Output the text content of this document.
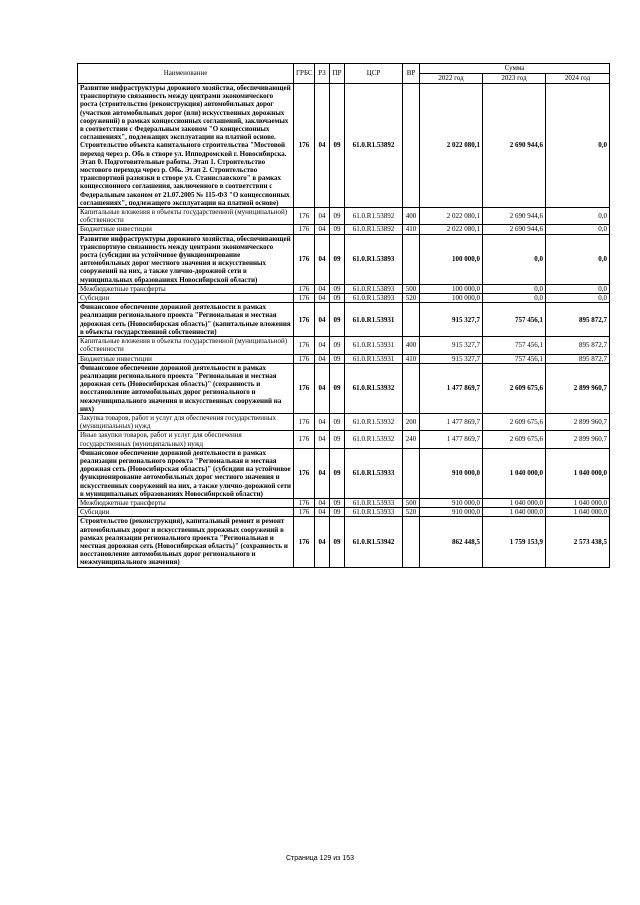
Наименование	ГРБС	РЗ	ПР	ЦСР	ВР	Сумма		
						2022 год	2023 год	2024 год
Развитие инфраструктуры дорожного хозяйства, обеспечивающей транспортную связанность между центрами экономического роста (строительство (реконструкция) автомобильных дорог (участков автомобильных дорог (или) искусственных дорожных сооружений) в рамках концессионных соглашений, заключаемых в соответствии с Федеральным законом "О концессионных соглашениях", подлежащих эксплуатации на платной основе. Строительство объекта капитального строительства "Мостовой переход через р. Обь в створе ул. Ипподромской г. Новосибирска. Этап 0. Подготовительные работы. Этап 1. Строительство мостового перехода через р. Обь. Этап 2. Строительство транспортной развязки в створе ул. Станиславского" в рамках концессионного соглашения, заключенного в соответствии с Федеральным законом от 21.07.2005 № 115-ФЗ "О концессионных соглашениях", подлежащего эксплуатации на платной основе)	176	04	09	61.0.R1.53892		2 022 080,1	2 690 944,6	0,0
Капитальные вложения в объекты государственной (муниципальной) собственности	176	04	09	61.0.R1.53892	400	2 022 080,1	2 690 944,6	0,0
Бюджетные инвестиции	176	04	09	61.0.R1.53892	410	2 022 080,1	2 690 944,6	0,0
Развитие инфраструктуры дорожного хозяйства, обеспечивающей транспортную связанность между центрами экономического роста (субсидии на устойчивое функционирование автомобильных дорог местного значения и искусственных сооружений на них, а также улично-дорожной сети в муниципальных образованиях Новосибирской области)	176	04	09	61.0.R1.53893		100 000,0	0,0	0,0
Межбюджетные трансферты	176	04	09	61.0.R1.53893	500	100 000,0	0,0	0,0
Субсидии	176	04	09	61.0.R1.53893	520	100 000,0	0,0	0,0
Финансовое обеспечение дорожной деятельности в рамках реализации регионального проекта "Региональная и местная дорожная сеть (Новосибирская область)" (капитальные вложения в объекты государственной собственности)	176	04	09	61.0.R1.53931		915 327,7	757 456,1	895 872,7
Капитальные вложения в объекты государственной (муниципальной) собственности	176	04	09	61.0.R1.53931	400	915 327,7	757 456,1	895 872,7
Бюджетные инвестиции	176	04	09	61.0.R1.53931	410	915 327,7	757 456,1	895 872,7
Финансовое обеспечение дорожной деятельности в рамках реализации регионального проекта "Региональная и местная дорожная сеть (Новосибирская область)" (сохранность и восстановление автомобильных дорог регионального и межмуниципального значения и искусственных сооружений на них)	176	04	09	61.0.R1.53932		1 477 869,7	2 609 675,6	2 899 960,7
Закупка товаров, работ и услуг для обеспечения государственных (муниципальных) нужд	176	04	09	61.0.R1.53932	200	1 477 869,7	2 609 675,6	2 899 960,7
Иные закупки товаров, работ и услуг для обеспечения государственных (муниципальных) нужд	176	04	09	61.0.R1.53932	240	1 477 869,7	2 609 675,6	2 899 960,7
Финансовое обеспечение дорожной деятельности в рамках реализации регионального проекта "Региональная и местная дорожная сеть (Новосибирская область)" (субсидии на устойчивое функционирование автомобильных дорог местного значения и искусственных сооружений на них, а также улично-дорожной сети в муниципальных образованиях Новосибирской области)	176	04	09	61.0.R1.53933		910 000,0	1 040 000,0	1 040 000,0
Межбюджетные трансферты	176	04	09	61.0.R1.53933	500	910 000,0	1 040 000,0	1 040 000,0
Субсидии	176	04	09	61.0.R1.53933	520	910 000,0	1 040 000,0	1 040 000,0
Строительство (реконструкция), капитальный ремонт и ремонт автомобильных дорог и искусственных дорожных сооружений в рамках реализации регионального проекта "Региональная и местная дорожная сеть (Новосибирская область)" (сохранность и восстановление автомобильных дорог регионального и межмуниципального значения)	176	04	09	61.0.R1.53942		862 448,5	1 759 153,9	2 573 438,5
Страница 129 из 153
